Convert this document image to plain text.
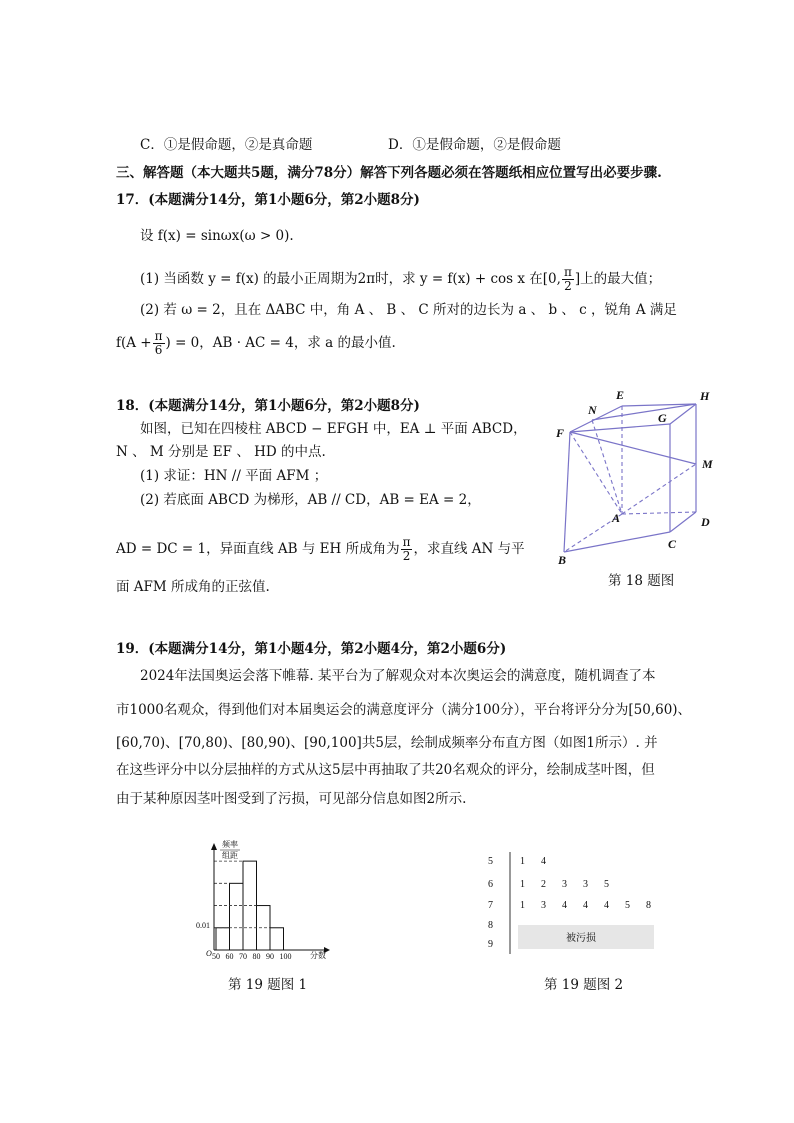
C．①是假命题，②是真命题	D．①是假命题，②是假命题
三、解答题（本大题共5题，满分78分）解答下列各题必须在答题纸相应位置写出必要步骤.
17．(本题满分14分，第1小题6分，第2小题8分)
设 f(x) = sinωx(ω > 0).
(1) 当函数 y = f(x) 的最小正周期为2π时，求 y = f(x) + cos x 在[0, $\frac{\pi}{2}$ ]上的最大值；
(2) 若 ω = 2，且在 ΔABC 中，角 A 、 B 、 C 所对的边长为 a 、 b 、 c ，锐角 A 满足
$f(A + \frac{\pi}{6}$ ) = 0，AB · AC = 4，求 a 的最小值.
18．(本题满分14分，第1小题6分，第2小题8分)
如图，已知在四棱柱 ABCD − EFGH 中，EA ⊥ 平面 ABCD，
N 、 M 分别是 EF 、 HD 的中点.
(1) 求证：HN // 平面 AFM ；
(2) 若底面 ABCD 为梯形，AB // CD，AB = EA = 2，
AD = DC = 1，异面直线 AB 与 EH 所成角为 $\frac{\pi}{2}$ ，求直线 AN 与平
面 AFM 所成角的正弦值.
E	H
N
G
F
M
A	D
C
B
第 18 题图
19．(本题满分14分，第1小题4分，第2小题4分，第2小题6分)
2024年法国奥运会落下帷幕. 某平台为了解观众对本次奥运会的满意度，随机调查了本
市1000名观众，得到他们对本届奥运会的满意度评分（满分100分），平台将评分分为[50,60)、
[60,70)、[70,80)、[80,90)、[90,100]共5层，绘制成频率分布直方图（如图1所示）. 并
在这些评分中以分层抽样的方式从这5层中再抽取了共20名观众的评分，绘制成茎叶图，但
由于某种原因茎叶图受到了污损，可见部分信息如图2所示.
频率
组距
0.01
O 50 60 70 80 90 100 分数
第 19 题图 1
被污损
5	1 4
6	1 2 3 3 5
7	1 3 4 4 4 5 8
8
9
第 19 题图 2
